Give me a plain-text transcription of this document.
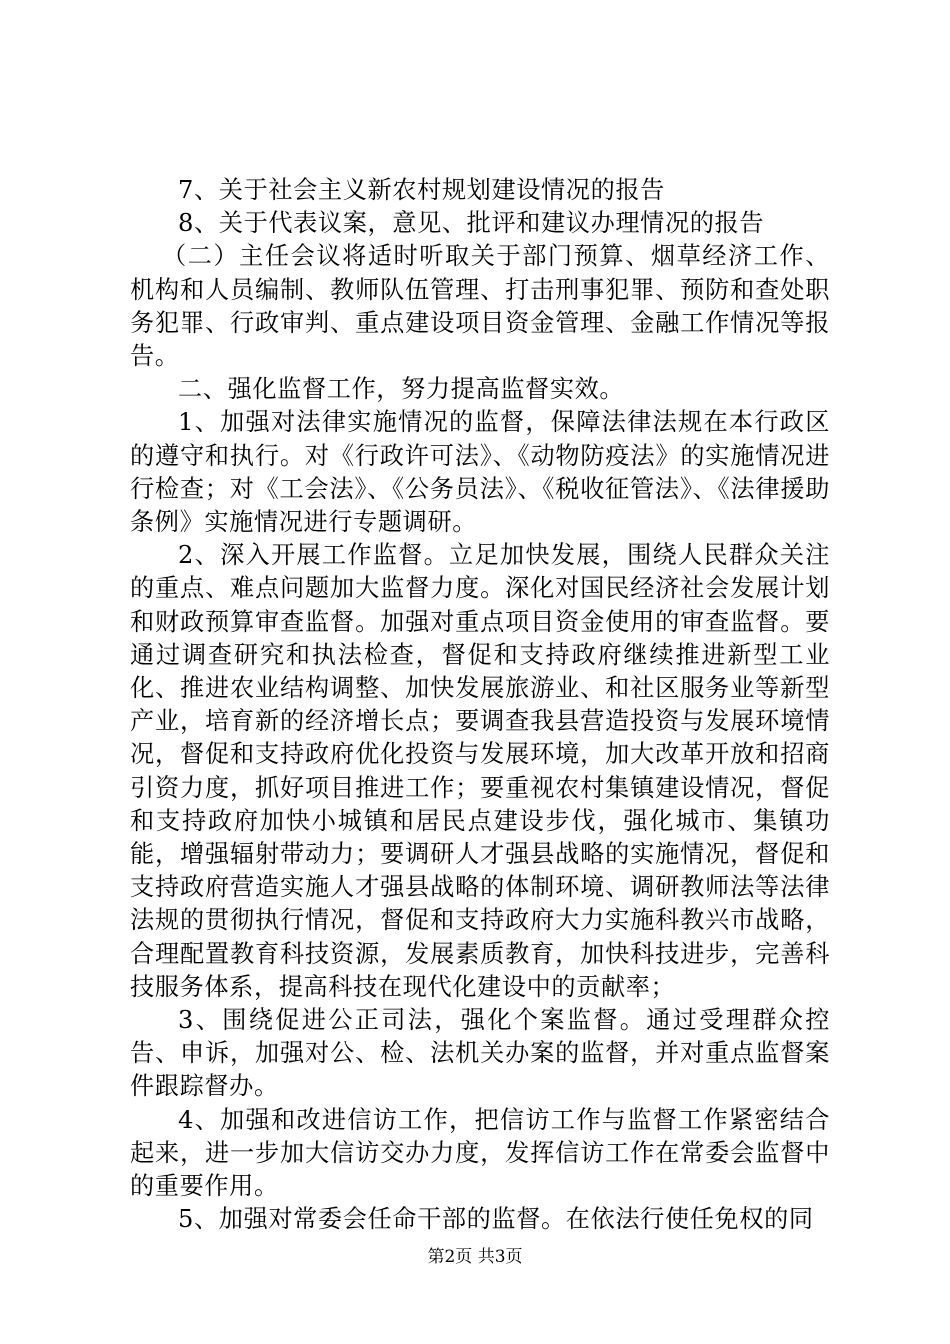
7、关于社会主义新农村规划建设情况的报告

8、关于代表议案，意见、批评和建议办理情况的报告

（二）主任会议将适时听取关于部门预算、烟草经济工作、机构和人员编制、教师队伍管理、打击刑事犯罪、预防和查处职务犯罪、行政审判、重点建设项目资金管理、金融工作情况等报告。

二、强化监督工作，努力提高监督实效。

1、加强对法律实施情况的监督，保障法律法规在本行政区的遵守和执行。对《行政许可法》、《动物防疫法》的实施情况进行检查；对《工会法》、《公务员法》、《税收征管法》、《法律援助条例》实施情况进行专题调研。

2、深入开展工作监督。立足加快发展，围绕人民群众关注的重点、难点问题加大监督力度。深化对国民经济社会发展计划和财政预算审查监督。加强对重点项目资金使用的审查监督。要通过调查研究和执法检查，督促和支持政府继续推进新型工业化、推进农业结构调整、加快发展旅游业、和社区服务业等新型产业，培育新的经济增长点；要调查我县营造投资与发展环境情况，督促和支持政府优化投资与发展环境，加大改革开放和招商引资力度，抓好项目推进工作；要重视农村集镇建设情况，督促和支持政府加快小城镇和居民点建设步伐，强化城市、集镇功能，增强辐射带动力；要调研人才强县战略的实施情况，督促和支持政府营造实施人才强县战略的体制环境、调研教师法等法律法规的贯彻执行情况，督促和支持政府大力实施科教兴市战略，合理配置教育科技资源，发展素质教育，加快科技进步，完善科技服务体系，提高科技在现代化建设中的贡献率；

3、围绕促进公正司法，强化个案监督。通过受理群众控告、申诉，加强对公、检、法机关办案的监督，并对重点监督案件跟踪督办。

4、加强和改进信访工作，把信访工作与监督工作紧密结合起来，进一步加大信访交办力度，发挥信访工作在常委会监督中的重要作用。

5、加强对常委会任命干部的监督。在依法行使任免权的同

第2页 共3页
